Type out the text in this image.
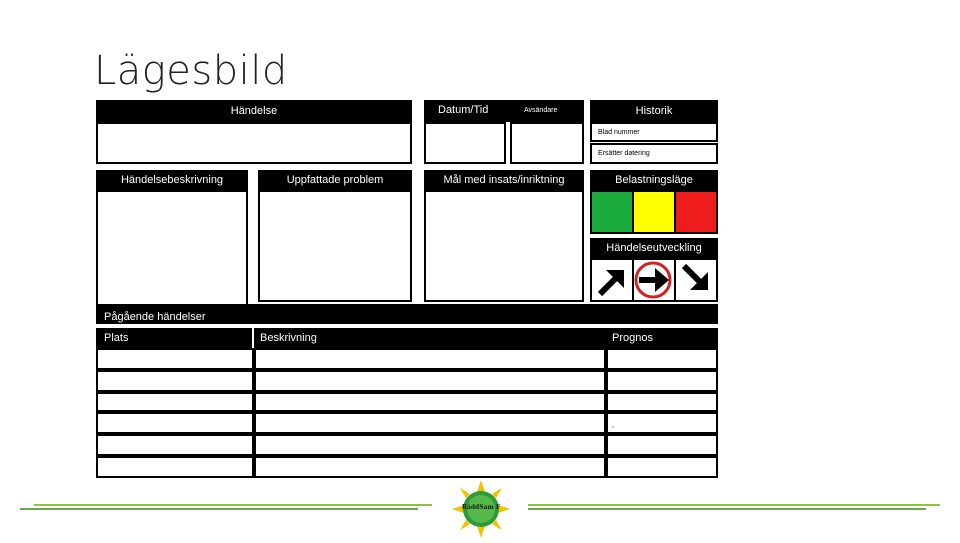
Lägesbild
Händelse	Datum/Tid	Avsändare	Historik
Blad nummer
Ersätter datering
Händelsebeskrivning	Uppfattade problem	Mål med insats/inriktning	Belastningsläge
Händelseutveckling
Pågående händelser
Plats	Beskrivning	Prognos
,
RäddSam F
